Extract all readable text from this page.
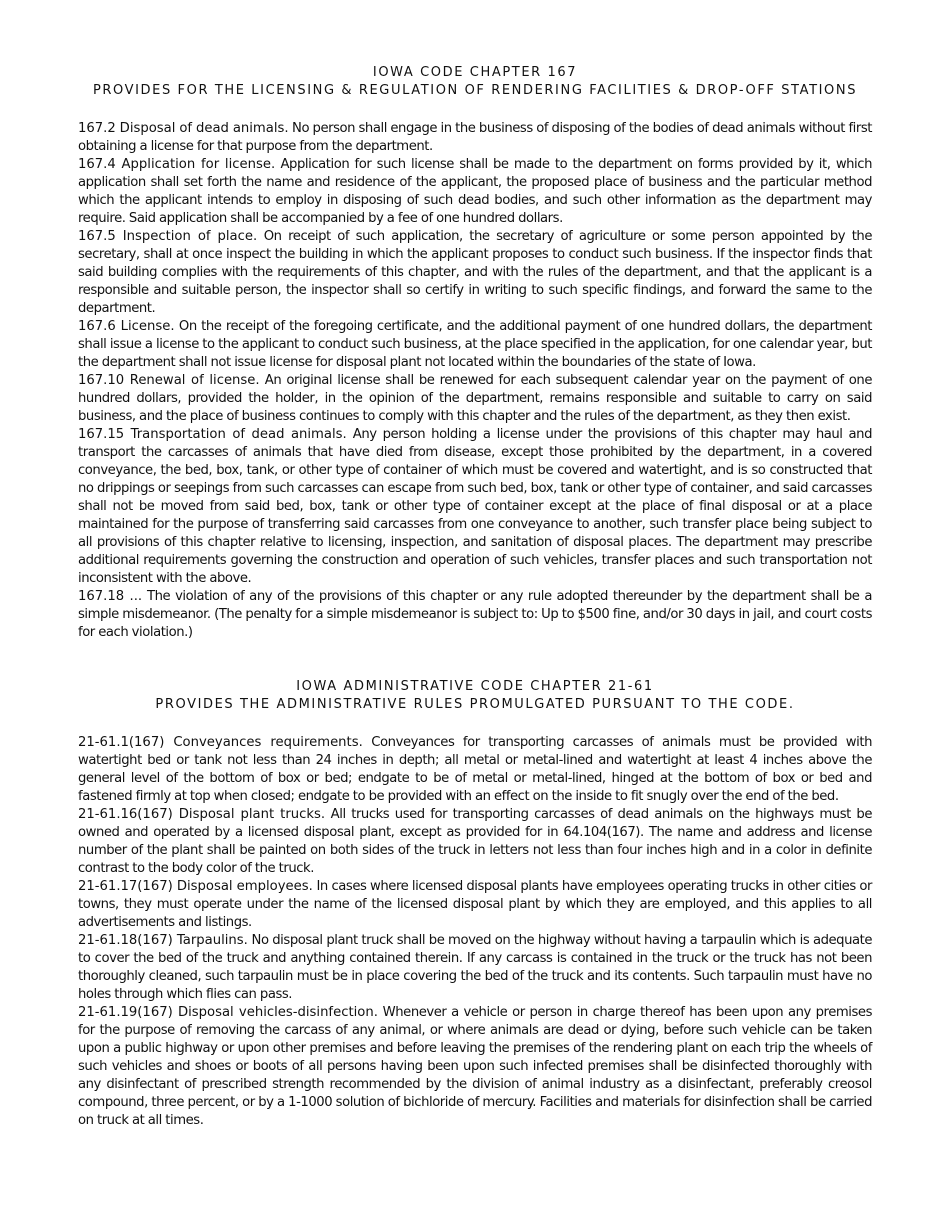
IOWA CODE CHAPTER 167

PROVIDES FOR THE LICENSING & REGULATION OF RENDERING FACILITIES & DROP-OFF STATIONS

167.2 Disposal of dead animals. No person shall engage in the business of disposing of the bodies of dead animals without first obtaining a license for that purpose from the department.

167.4 Application for license. Application for such license shall be made to the department on forms provided by it, which application shall set forth the name and residence of the applicant, the proposed place of business and the particular method which the applicant intends to employ in disposing of such dead bodies, and such other information as the department may require. Said application shall be accompanied by a fee of one hundred dollars.

167.5 Inspection of place. On receipt of such application, the secretary of agriculture or some person appointed by the secretary, shall at once inspect the building in which the applicant proposes to conduct such business. If the inspector finds that said building complies with the requirements of this chapter, and with the rules of the department, and that the applicant is a responsible and suitable person, the inspector shall so certify in writing to such specific findings, and forward the same to the department.

167.6 License. On the receipt of the foregoing certificate, and the additional payment of one hundred dollars, the department shall issue a license to the applicant to conduct such business, at the place specified in the application, for one calendar year, but the department shall not issue license for disposal plant not located within the boundaries of the state of Iowa.

167.10 Renewal of license. An original license shall be renewed for each subsequent calendar year on the payment of one hundred dollars, provided the holder, in the opinion of the department, remains responsible and suitable to carry on said business, and the place of business continues to comply with this chapter and the rules of the department, as they then exist.

167.15 Transportation of dead animals. Any person holding a license under the provisions of this chapter may haul and transport the carcasses of animals that have died from disease, except those prohibited by the department, in a covered conveyance, the bed, box, tank, or other type of container of which must be covered and watertight, and is so constructed that no drippings or seepings from such carcasses can escape from such bed, box, tank or other type of container, and said carcasses shall not be moved from said bed, box, tank or other type of container except at the place of final disposal or at a place maintained for the purpose of transferring said carcasses from one conveyance to another, such transfer place being subject to all provisions of this chapter relative to licensing, inspection, and sanitation of disposal places. The department may prescribe additional requirements governing the construction and operation of such vehicles, transfer places and such transportation not inconsistent with the above.

167.18 ... The violation of any of the provisions of this chapter or any rule adopted thereunder by the department shall be a simple misdemeanor. (The penalty for a simple misdemeanor is subject to: Up to $500 fine, and/or 30 days in jail, and court costs for each violation.)

IOWA ADMINISTRATIVE CODE CHAPTER 21-61

PROVIDES THE ADMINISTRATIVE RULES PROMULGATED PURSUANT TO THE CODE.

21-61.1(167) Conveyances requirements. Conveyances for transporting carcasses of animals must be provided with watertight bed or tank not less than 24 inches in depth; all metal or metal-lined and watertight at least 4 inches above the general level of the bottom of box or bed; endgate to be of metal or metal-lined, hinged at the bottom of box or bed and fastened firmly at top when closed; endgate to be provided with an effect on the inside to fit snugly over the end of the bed.

21-61.16(167) Disposal plant trucks. All trucks used for transporting carcasses of dead animals on the highways must be owned and operated by a licensed disposal plant, except as provided for in 64.104(167). The name and address and license number of the plant shall be painted on both sides of the truck in letters not less than four inches high and in a color in definite contrast to the body color of the truck.

21-61.17(167) Disposal employees. In cases where licensed disposal plants have employees operating trucks in other cities or towns, they must operate under the name of the licensed disposal plant by which they are employed, and this applies to all advertisements and listings.

21-61.18(167) Tarpaulins. No disposal plant truck shall be moved on the highway without having a tarpaulin which is adequate to cover the bed of the truck and anything contained therein. If any carcass is contained in the truck or the truck has not been thoroughly cleaned, such tarpaulin must be in place covering the bed of the truck and its contents. Such tarpaulin must have no holes through which flies can pass.

21-61.19(167) Disposal vehicles-disinfection. Whenever a vehicle or person in charge thereof has been upon any premises for the purpose of removing the carcass of any animal, or where animals are dead or dying, before such vehicle can be taken upon a public highway or upon other premises and before leaving the premises of the rendering plant on each trip the wheels of such vehicles and shoes or boots of all persons having been upon such infected premises shall be disinfected thoroughly with any disinfectant of prescribed strength recommended by the division of animal industry as a disinfectant, preferably creosol compound, three percent, or by a 1-1000 solution of bichloride of mercury. Facilities and materials for disinfection shall be carried on truck at all times.
